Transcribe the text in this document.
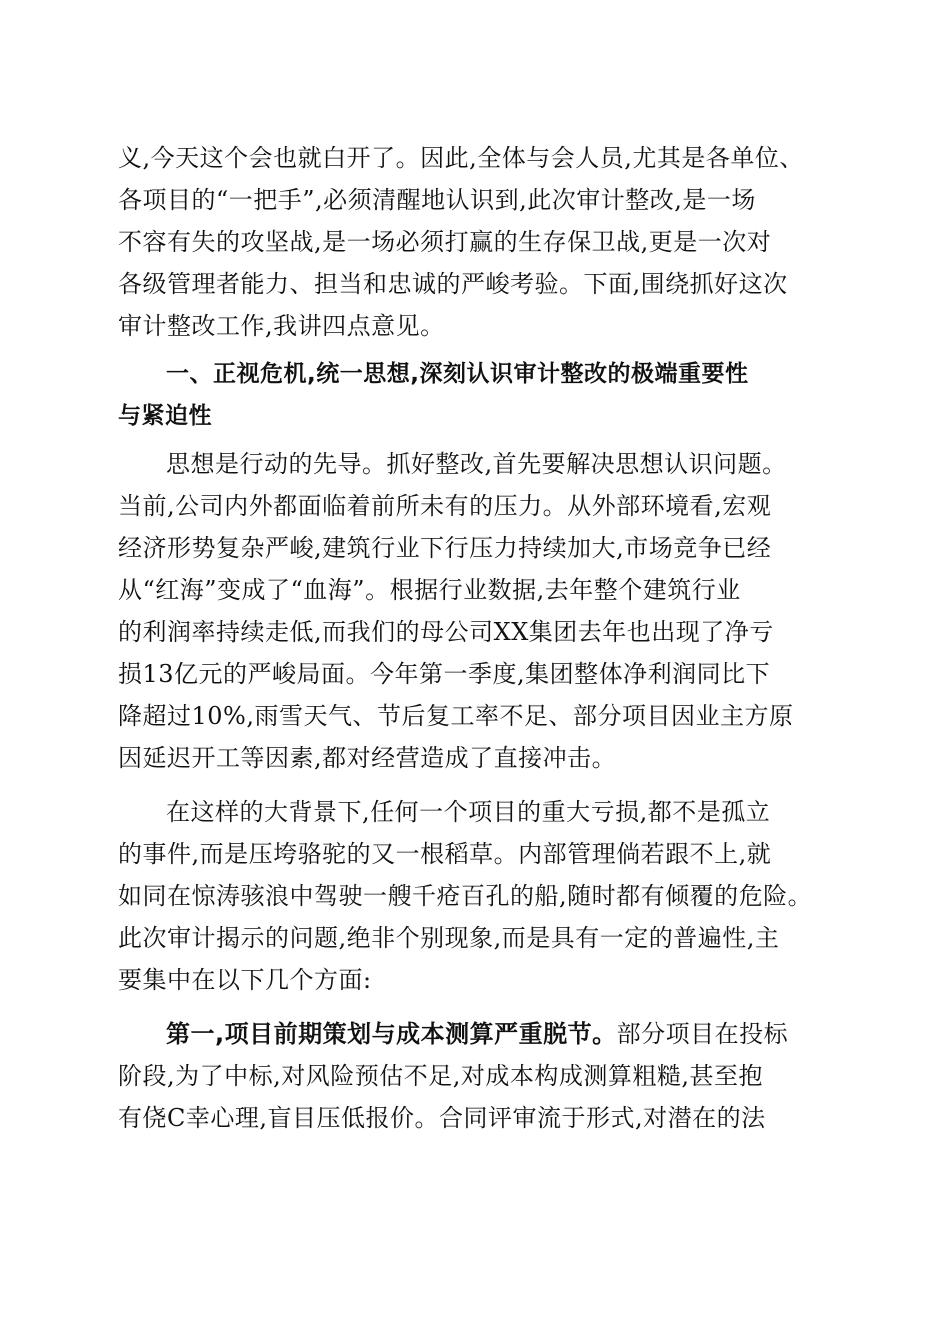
义,今天这个会也就白开了。因此,全体与会人员,尤其是各单位、
各项目的“一把手”,必须清醒地认识到,此次审计整改,是一场
不容有失的攻坚战,是一场必须打赢的生存保卫战,更是一次对
各级管理者能力、担当和忠诚的严峻考验。下面,围绕抓好这次
审计整改工作,我讲四点意见。
一、正视危机,统一思想,深刻认识审计整改的极端重要性
与紧迫性
思想是行动的先导。抓好整改,首先要解决思想认识问题。
当前,公司内外都面临着前所未有的压力。从外部环境看,宏观
经济形势复杂严峻,建筑行业下行压力持续加大,市场竞争已经
从“红海”变成了“血海”。根据行业数据,去年整个建筑行业
的利润率持续走低,而我们的母公司XX集团去年也出现了净亏
损13亿元的严峻局面。今年第一季度,集团整体净利润同比下
降超过10%,雨雪天气、节后复工率不足、部分项目因业主方原
因延迟开工等因素,都对经营造成了直接冲击。
在这样的大背景下,任何一个项目的重大亏损,都不是孤立
的事件,而是压垮骆驼的又一根稻草。内部管理倘若跟不上,就
如同在惊涛骇浪中驾驶一艘千疮百孔的船,随时都有倾覆的危险。
此次审计揭示的问题,绝非个别现象,而是具有一定的普遍性,主
要集中在以下几个方面:
第一,项目前期策划与成本测算严重脱节。部分项目在投标
阶段,为了中标,对风险预估不足,对成本构成测算粗糙,甚至抱
有侥C幸心理,盲目压低报价。合同评审流于形式,对潜在的法
